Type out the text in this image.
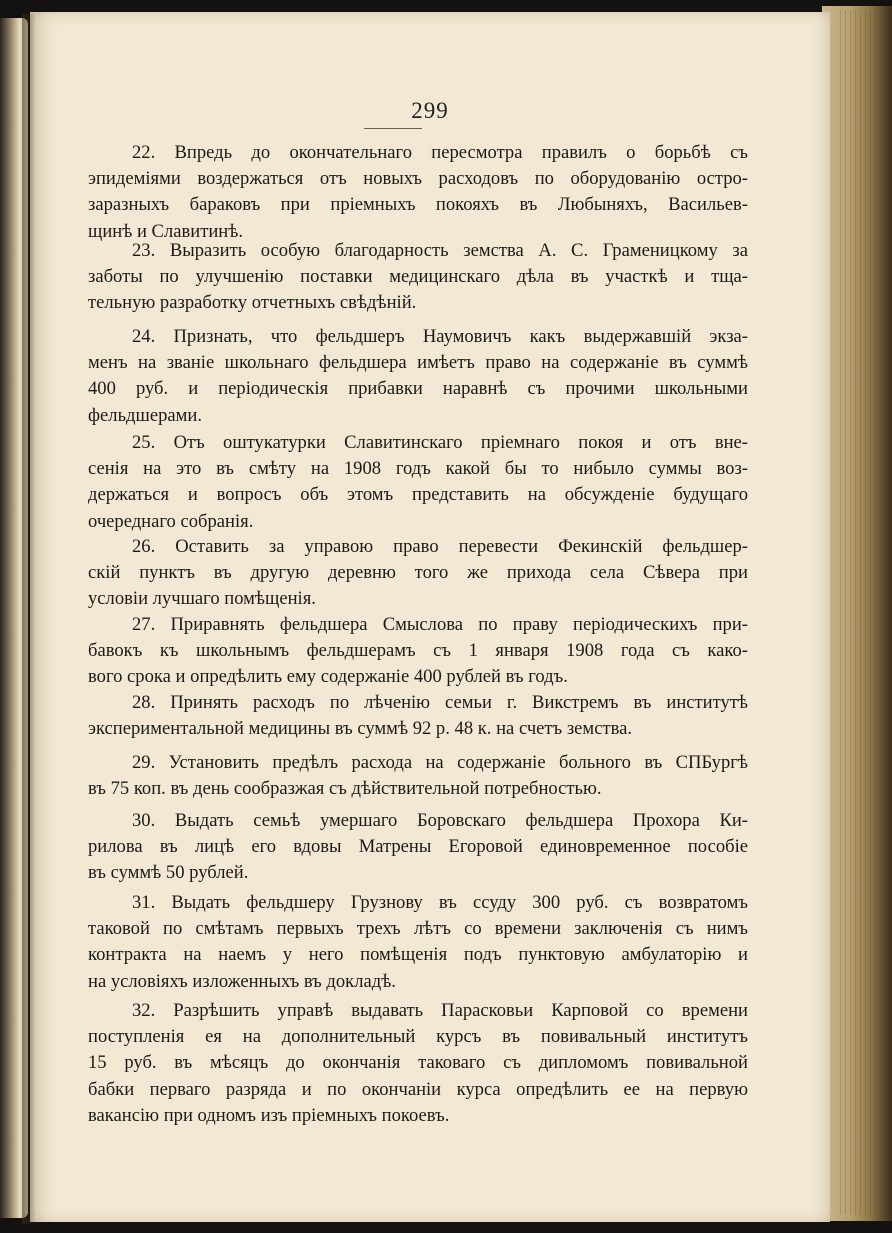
299
22. Впредь до окончательнаго пересмотра правилъ о борьбѣ съ
эпидемiями воздержаться отъ новыхъ расходовъ по оборудованiю остро-
заразныхъ бараковъ при прiемныхъ покояхъ въ Любыняхъ, Васильев-
щинѣ и Славитинѣ.
23. Выразить особую благодарность земства А. С. Граменицкому за
заботы по улучшенiю поставки медицинскаго дѣла въ участкѣ и тща-
тельную разработку отчетныхъ свѣдѣнiй.
24. Признать, что фельдшеръ Наумовичъ какъ выдержавшiй экза-
менъ на званiе школьнаго фельдшера имѣетъ право на содержанiе въ суммѣ
400 руб. и перiодическiя прибавки наравнѣ съ прочими школьными
фельдшерами.
25. Отъ оштукатурки Славитинскаго прiемнаго покоя и отъ вне-
сенiя на это въ смѣту на 1908 годъ какой бы то нибыло суммы воз-
держаться и вопросъ объ этомъ представить на обсужденiе будущаго
очереднаго собранiя.
26. Оставить за управою право перевести Фекинскiй фельдшер-
скiй пунктъ въ другую деревню того же прихода села Сѣвера при
условiи лучшаго помѣщенiя.
27. Приравнять фельдшера Смыслова по праву перiодическихъ при-
бавокъ къ школьнымъ фельдшерамъ съ 1 января 1908 года съ како-
вого срока и опредѣлить ему содержанiе 400 рублей въ годъ.
28. Принять расходъ по лѣченiю семьи г. Викстремъ въ институтѣ
экспериментальной медицины въ суммѣ 92 р. 48 к. на счетъ земства.
29. Установить предѣлъ расхода на содержанiе больного въ СПБургѣ
въ 75 коп. въ день сообразжая съ дѣйствительной потребностью.
30. Выдать семьѣ умершаго Боровскаго фельдшера Прохора Ки-
рилова въ лицѣ его вдовы Матрены Егоровой единовременное пособiе
въ суммѣ 50 рублей.
31. Выдать фельдшеру Грузнову въ ссуду 300 руб. съ возвратомъ
таковой по смѣтамъ первыхъ трехъ лѣтъ со времени заключенiя съ нимъ
контракта на наемъ у него помѣщенiя подъ пунктовую амбулаторiю и
на условiяхъ изложенныхъ въ докладѣ.
32. Разрѣшить управѣ выдавать Парасковьи Карповой со времени
поступленiя ея на дополнительный курсъ въ повивальный институтъ
15 руб. въ мѣсяцъ до окончанiя таковаго съ дипломомъ повивальной
бабки перваго разряда и по окончанiи курса опредѣлить ее на первую
вакансiю при одномъ изъ прiемныхъ покоевъ.
